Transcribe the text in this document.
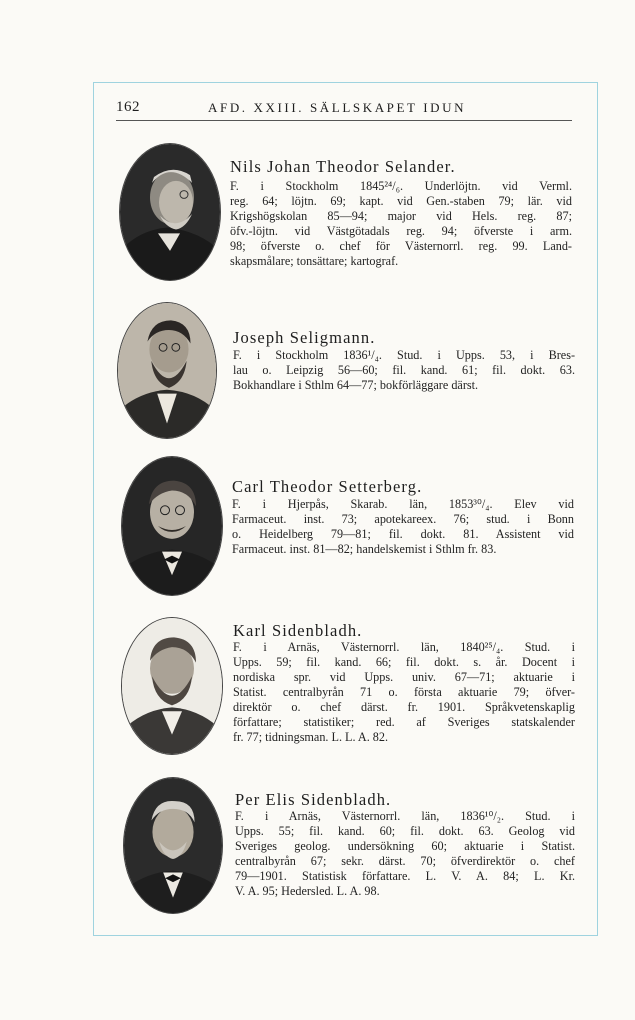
162	AFD. XXIII. SÄLLSKAPET IDUN
Nils Johan Theodor Selander.
F. i Stockholm 1845²⁴/₆. Underlöjtn. vid Verml.
reg. 64; löjtn. 69; kapt. vid Gen.-staben 79; lär. vid
Krigshögskolan 85—94; major vid Hels. reg. 87;
öfv.-löjtn. vid Västgötadals reg. 94; öfverste i arm.
98; öfverste o. chef för Västernorrl. reg. 99. Land-
skapsmålare; tonsättare; kartograf.
Joseph Seligmann.
F. i Stockholm 1836¹/₄. Stud. i Upps. 53, i Bres-
lau o. Leipzig 56—60; fil. kand. 61; fil. dokt. 63.
Bokhandlare i Sthlm 64—77; bokförläggare därst.
Carl Theodor Setterberg.
F. i Hjerpås, Skarab. län, 1853³⁰/₄. Elev vid
Farmaceut. inst. 73; apotekareex. 76; stud. i Bonn
o. Heidelberg 79—81; fil. dokt. 81. Assistent vid
Farmaceut. inst. 81—82; handelskemist i Sthlm fr. 83.
Karl Sidenbladh.
F. i Arnäs, Västernorrl. län, 1840²⁵/₄. Stud. i
Upps. 59; fil. kand. 66; fil. dokt. s. år. Docent i
nordiska spr. vid Upps. univ. 67—71; aktuarie i
Statist. centralbyrån 71 o. första aktuarie 79; öfver-
direktör o. chef därst. fr. 1901. Språkvetenskaplig
författare; statistiker; red. af Sveriges statskalender
fr. 77; tidningsman. L. L. A. 82.
Per Elis Sidenbladh.
F. i Arnäs, Västernorrl. län, 1836¹⁰/₂. Stud. i
Upps. 55; fil. kand. 60; fil. dokt. 63. Geolog vid
Sveriges geolog. undersökning 60; aktuarie i Statist.
centralbyrån 67; sekr. därst. 70; öfverdirektör o. chef
79—1901. Statistisk författare. L. V. A. 84; L. Kr.
V. A. 95; Hedersled. L. A. 98.
